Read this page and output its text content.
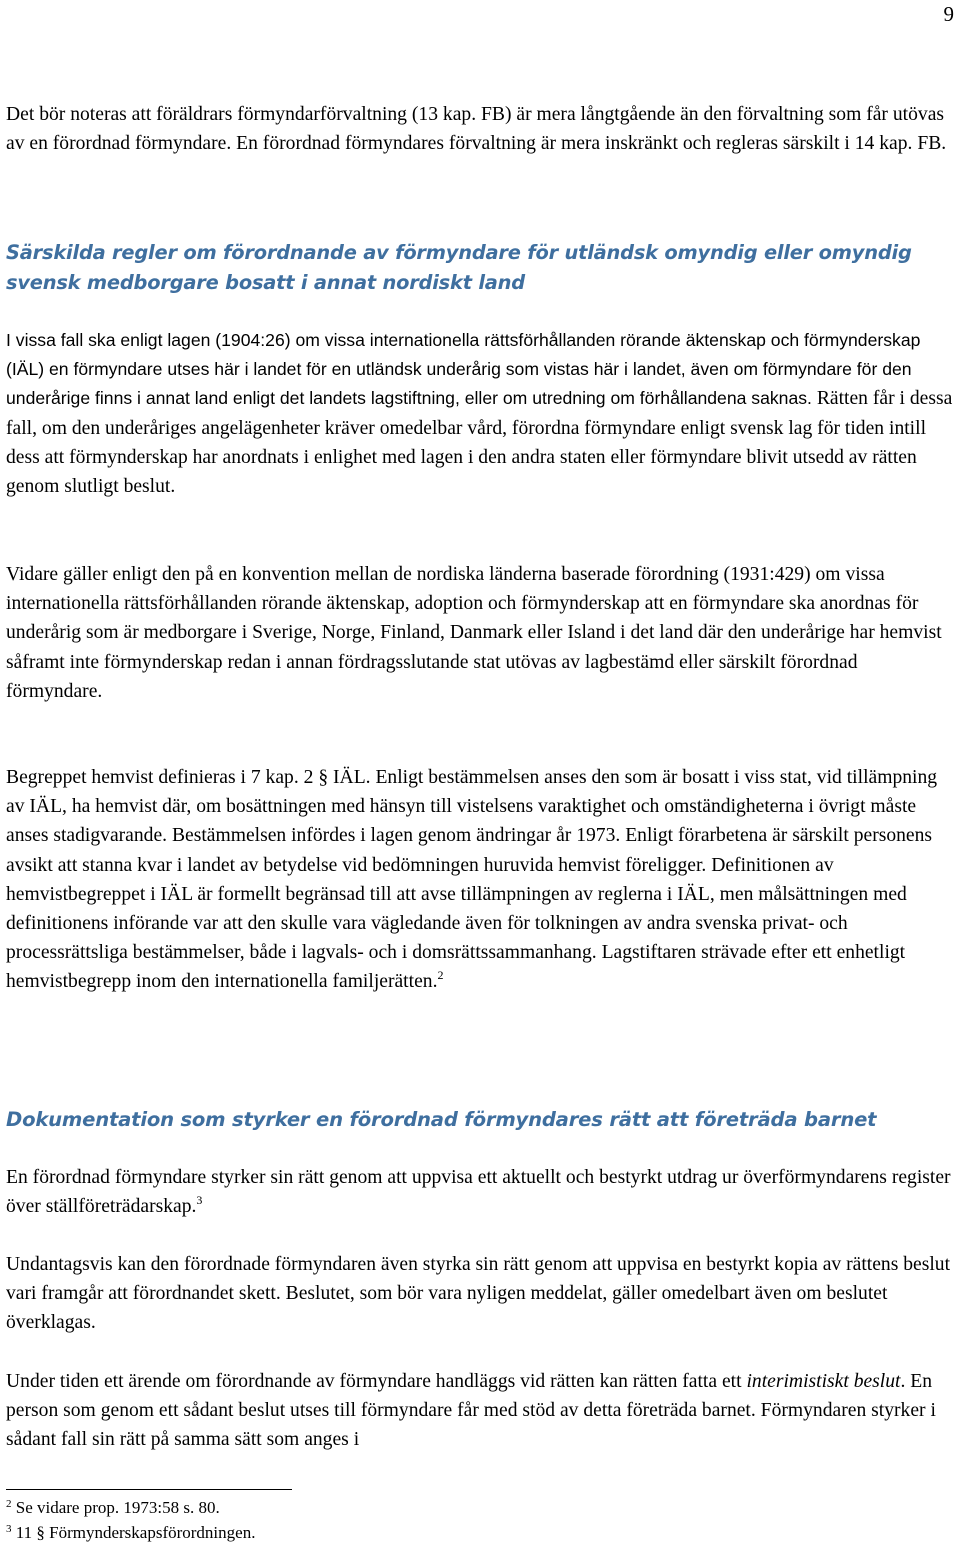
9

Det bör noteras att föräldrars förmyndarförvaltning (13 kap. FB) är mera långtgående än den förvaltning som får utövas av en förordnad förmyndare. En förordnad förmyndares förvaltning är mera inskränkt och regleras särskilt i 14 kap. FB.

Särskilda regler om förordnande av förmyndare för utländsk omyndig eller omyndig svensk medborgare bosatt i annat nordiskt land

I vissa fall ska enligt lagen (1904:26) om vissa internationella rättsförhållanden rörande äktenskap och förmynderskap (IÄL) en förmyndare utses här i landet för en utländsk underårig som vistas här i landet, även om förmyndare för den underårige finns i annat land enligt det landets lagstiftning, eller om utredning om förhållandena saknas. Rätten får i dessa fall, om den underåriges angelägenheter kräver omedelbar vård, förordna förmyndare enligt svensk lag för tiden intill dess att förmynderskap har anordnats i enlighet med lagen i den andra staten eller förmyndare blivit utsedd av rätten genom slutligt beslut.

Vidare gäller enligt den på en konvention mellan de nordiska länderna baserade förordning (1931:429) om vissa internationella rättsförhållanden rörande äktenskap, adoption och förmynderskap att en förmyndare ska anordnas för underårig som är medborgare i Sverige, Norge, Finland, Danmark eller Island i det land där den underårige har hemvist såframt inte förmynderskap redan i annan fördragsslutande stat utövas av lagbestämd eller särskilt förordnad förmyndare.

Begreppet hemvist definieras i 7 kap. 2 § IÄL. Enligt bestämmelsen anses den som är bosatt i viss stat, vid tillämpning av IÄL, ha hemvist där, om bosättningen med hänsyn till vistelsens varaktighet och omständigheterna i övrigt måste anses stadigvarande. Bestämmelsen infördes i lagen genom ändringar år 1973. Enligt förarbetena är särskilt personens avsikt att stanna kvar i landet av betydelse vid bedömningen huruvida hemvist föreligger. Definitionen av hemvistbegreppet i IÄL är formellt begränsad till att avse tillämpningen av reglerna i IÄL, men målsättningen med definitionens införande var att den skulle vara vägledande även för tolkningen av andra svenska privat- och processrättsliga bestämmelser, både i lagvals- och i domsrättssammanhang. Lagstiftaren strävade efter ett enhetligt hemvistbegrepp inom den internationella familjerätten.$^2$

Dokumentation som styrker en förordnad förmyndares rätt att företräda barnet

En förordnad förmyndare styrker sin rätt genom att uppvisa ett aktuellt och bestyrkt utdrag ur överförmyndarens register över ställföreträdarskap.$^3$

Undantagsvis kan den förordnade förmyndaren även styrka sin rätt genom att uppvisa en bestyrkt kopia av rättens beslut vari framgår att förordnandet skett. Beslutet, som bör vara nyligen meddelat, gäller omedelbart även om beslutet överklagas.

Under tiden ett ärende om förordnande av förmyndare handläggs vid rätten kan rätten fatta ett interimistiskt beslut. En person som genom ett sådant beslut utses till förmyndare får med stöd av detta företräda barnet. Förmyndaren styrker i sådant fall sin rätt på samma sätt som anges i

$^2$ Se vidare prop. 1973:58 s. 80.

$^3$ 11 § Förmynderskapsförordningen.
